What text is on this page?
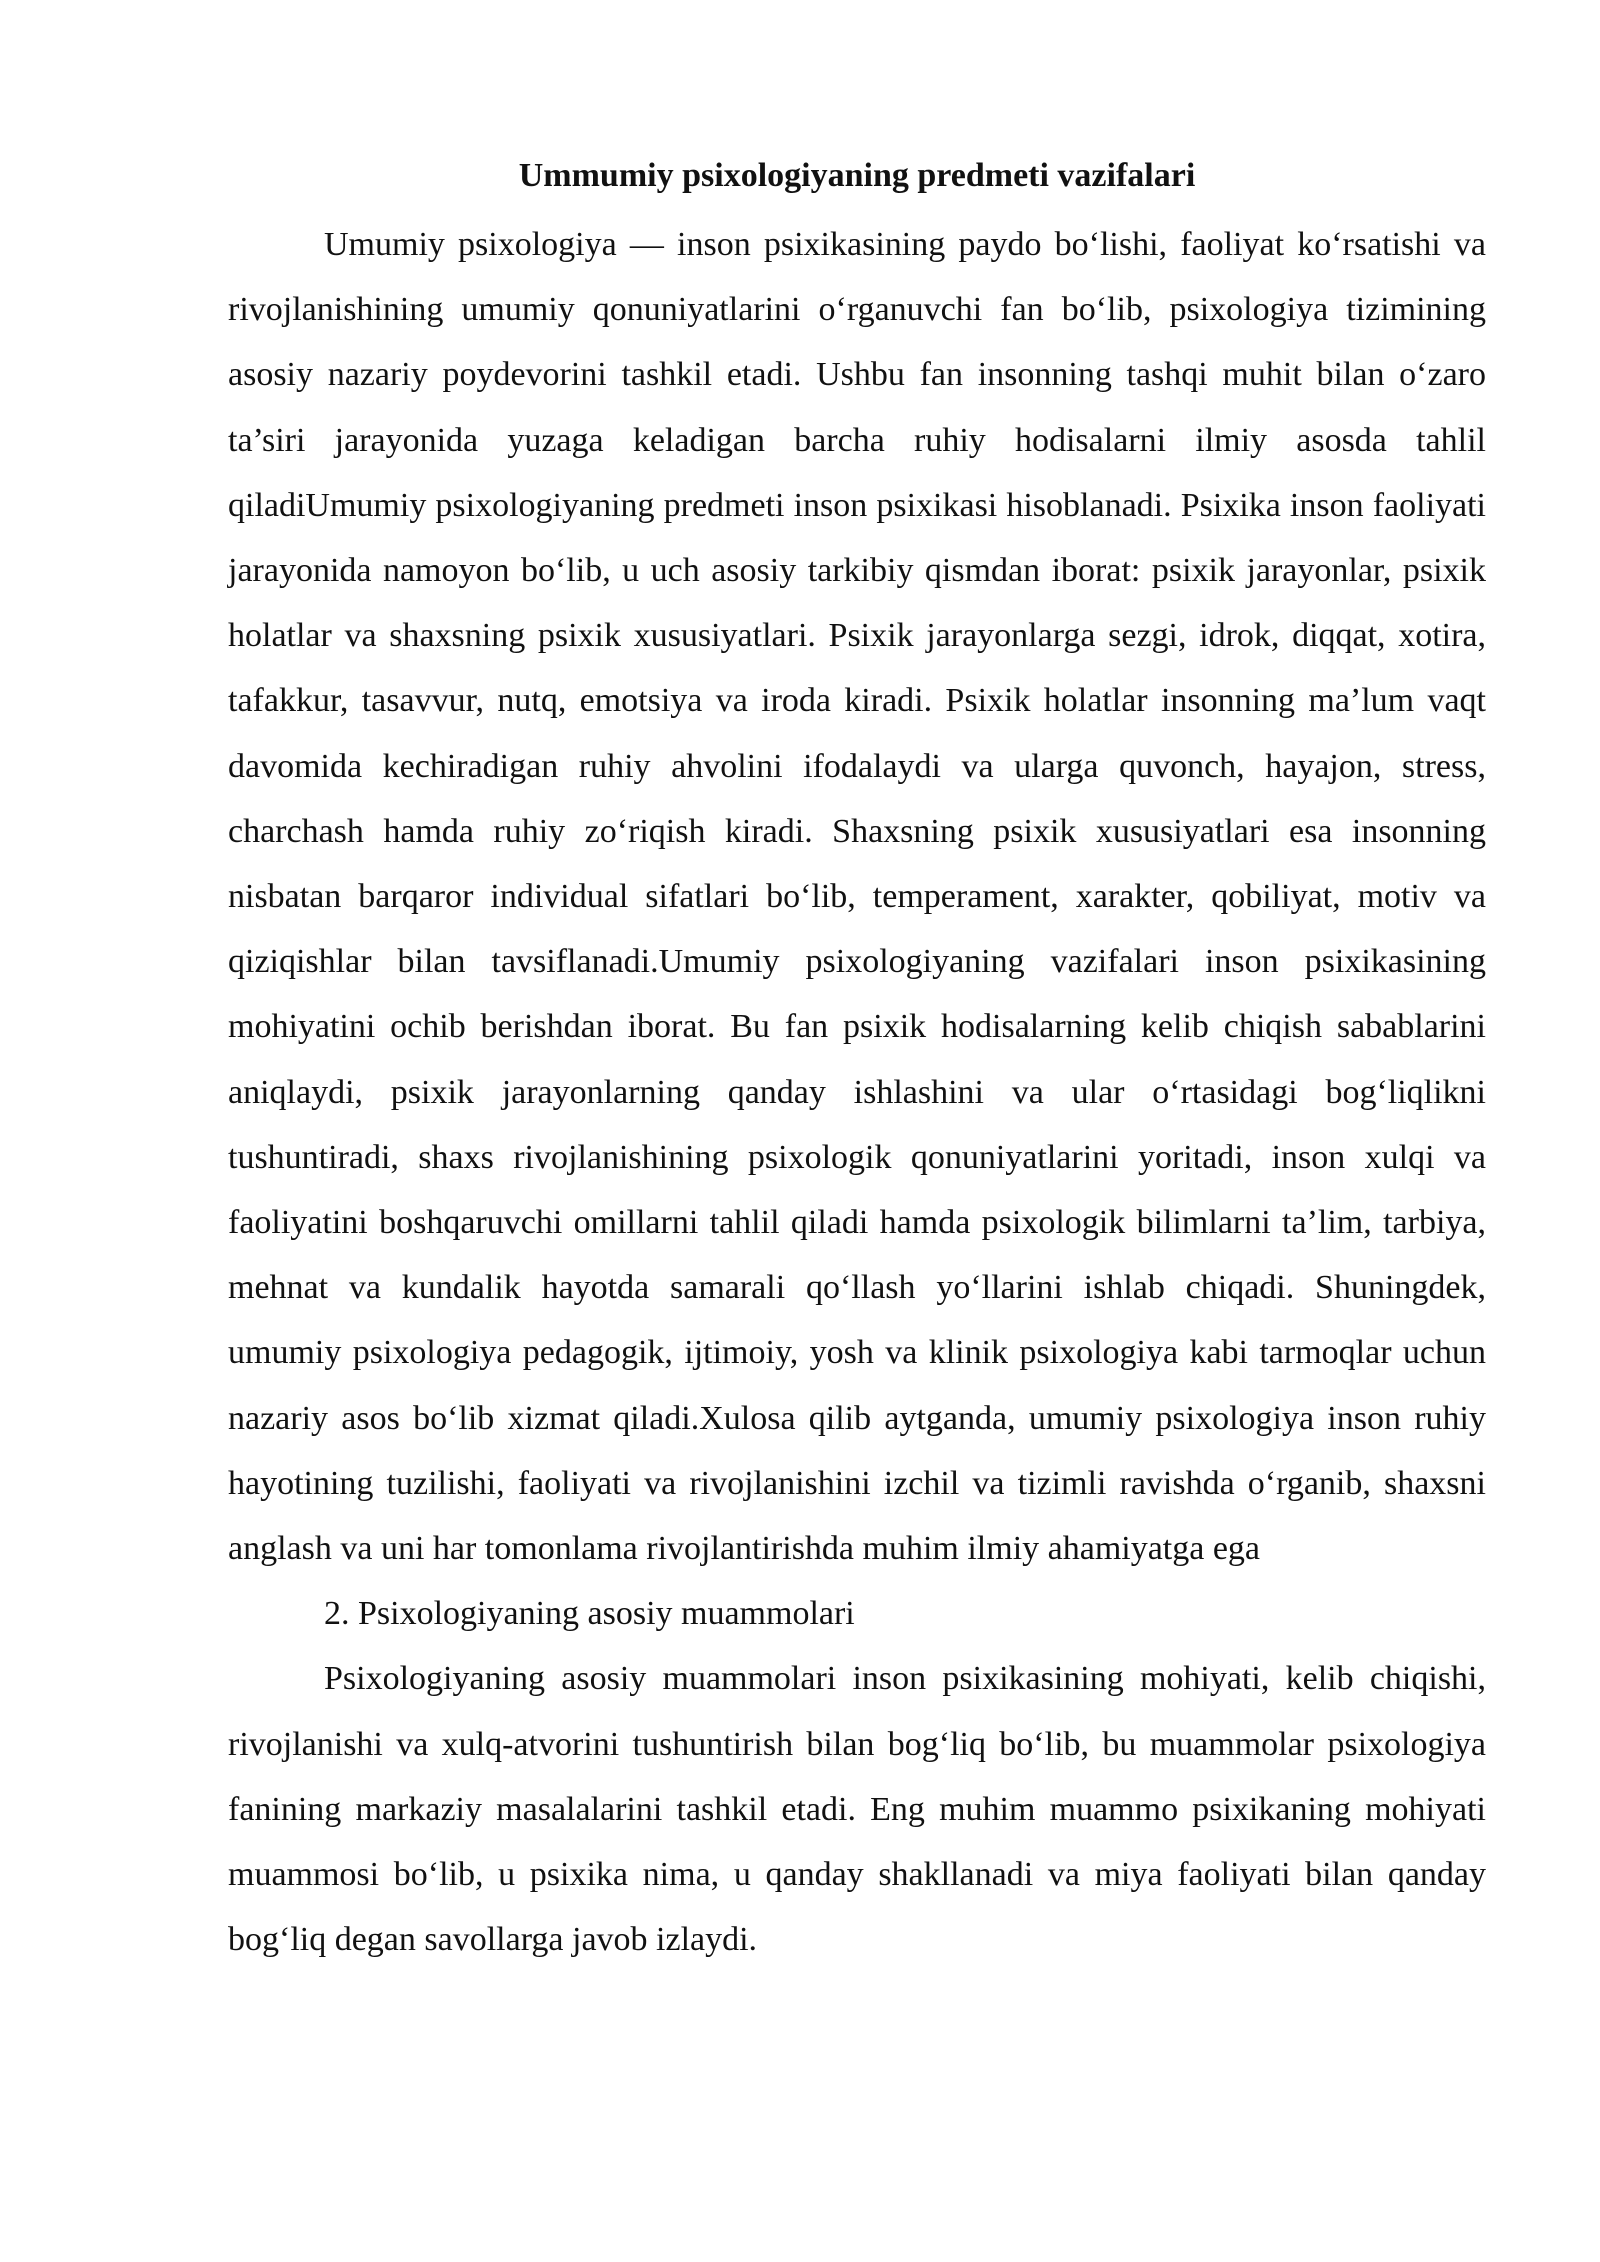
Ummumiy psixologiyaning predmeti vazifalari

Umumiy psixologiya — inson psixikasining paydo bo‘lishi, faoliyat ko‘rsatishi va rivojlanishining umumiy qonuniyatlarini o‘rganuvchi fan bo‘lib, psixologiya tizimining asosiy nazariy poydevorini tashkil etadi. Ushbu fan insonning tashqi muhit bilan o‘zaro ta’siri jarayonida yuzaga keladigan barcha ruhiy hodisalarni ilmiy asosda tahlil qiladiUmumiy psixologiyaning predmeti inson psixikasi hisoblanadi. Psixika inson faoliyati jarayonida namoyon bo‘lib, u uch asosiy tarkibiy qismdan iborat: psixik jarayonlar, psixik holatlar va shaxsning psixik xususiyatlari. Psixik jarayonlarga sezgi, idrok, diqqat, xotira, tafakkur, tasavvur, nutq, emotsiya va iroda kiradi. Psixik holatlar insonning ma’lum vaqt davomida kechiradigan ruhiy ahvolini ifodalaydi va ularga quvonch, hayajon, stress, charchash hamda ruhiy zo‘riqish kiradi. Shaxsning psixik xususiyatlari esa insonning nisbatan barqaror individual sifatlari bo‘lib, temperament, xarakter, qobiliyat, motiv va qiziqishlar bilan tavsiflanadi.Umumiy psixologiyaning vazifalari inson psixikasining mohiyatini ochib berishdan iborat. Bu fan psixik hodisalarning kelib chiqish sabablarini aniqlaydi, psixik jarayonlarning qanday ishlashini va ular o‘rtasidagi bog‘liqlikni tushuntiradi, shaxs rivojlanishining psixologik qonuniyatlarini yoritadi, inson xulqi va faoliyatini boshqaruvchi omillarni tahlil qiladi hamda psixologik bilimlarni ta’lim, tarbiya, mehnat va kundalik hayotda samarali qo‘llash yo‘llarini ishlab chiqadi. Shuningdek, umumiy psixologiya pedagogik, ijtimoiy, yosh va klinik psixologiya kabi tarmoqlar uchun nazariy asos bo‘lib xizmat qiladi.Xulosa qilib aytganda, umumiy psixologiya inson ruhiy hayotining tuzilishi, faoliyati va rivojlanishini izchil va tizimli ravishda o‘rganib, shaxsni anglash va uni har tomonlama rivojlantirishda muhim ilmiy ahamiyatga ega

2. Psixologiyaning asosiy muammolari

Psixologiyaning asosiy muammolari inson psixikasining mohiyati, kelib chiqishi, rivojlanishi va xulq-atvorini tushuntirish bilan bog‘liq bo‘lib, bu muammolar psixologiya fanining markaziy masalalarini tashkil etadi. Eng muhim muammo psixikaning mohiyati muammosi bo‘lib, u psixika nima, u qanday shakllanadi va miya faoliyati bilan qanday bog‘liq degan savollarga javob izlaydi.
